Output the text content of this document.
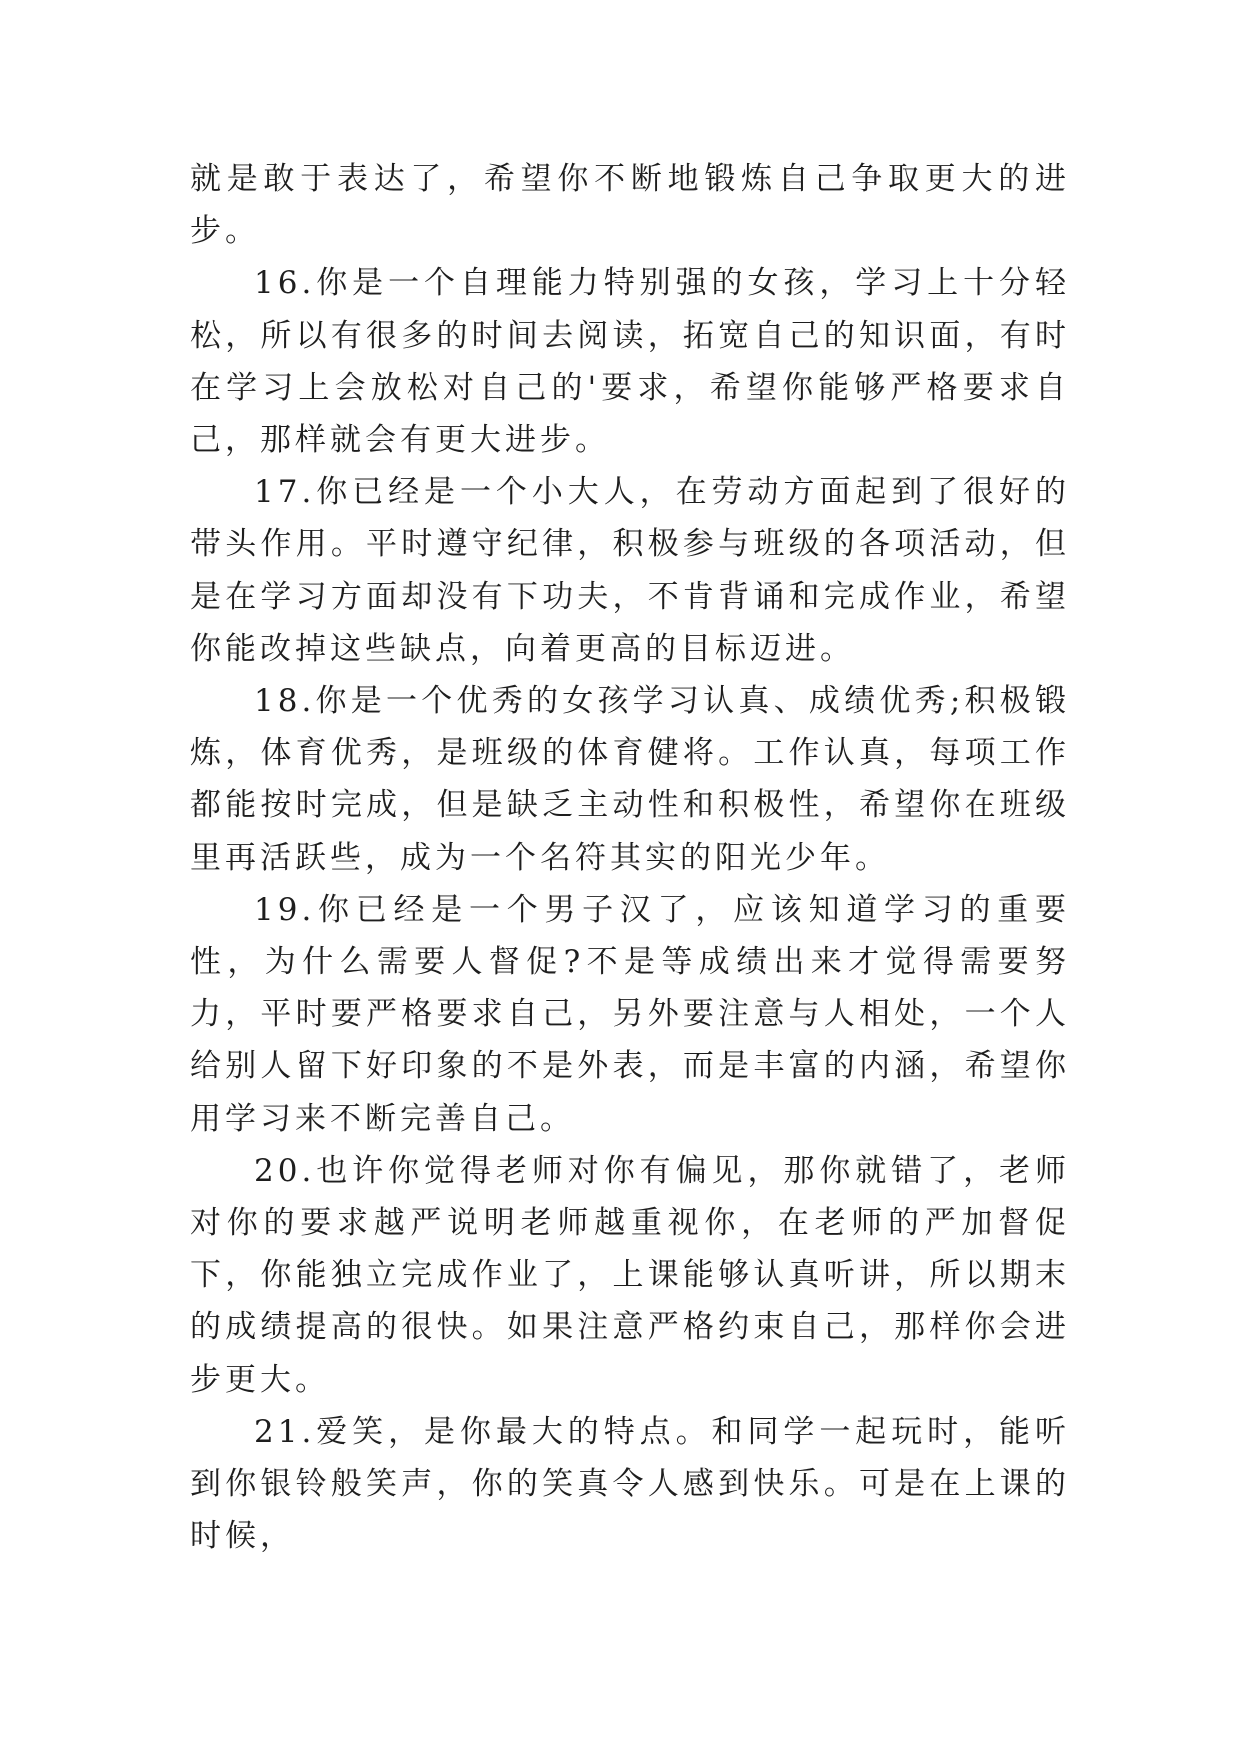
就是敢于表达了，希望你不断地锻炼自己争取更大的进步。

16.你是一个自理能力特别强的女孩，学习上十分轻松，所以有很多的时间去阅读，拓宽自己的知识面，有时在学习上会放松对自己的'要求，希望你能够严格要求自己，那样就会有更大进步。

17.你已经是一个小大人，在劳动方面起到了很好的带头作用。平时遵守纪律，积极参与班级的各项活动，但是在学习方面却没有下功夫，不肯背诵和完成作业，希望你能改掉这些缺点，向着更高的目标迈进。

18.你是一个优秀的女孩学习认真、成绩优秀;积极锻炼，体育优秀，是班级的体育健将。工作认真，每项工作都能按时完成，但是缺乏主动性和积极性，希望你在班级里再活跃些，成为一个名符其实的阳光少年。

19.你已经是一个男子汉了，应该知道学习的重要性，为什么需要人督促?不是等成绩出来才觉得需要努力，平时要严格要求自己，另外要注意与人相处，一个人给别人留下好印象的不是外表，而是丰富的内涵，希望你用学习来不断完善自己。

20.也许你觉得老师对你有偏见，那你就错了，老师对你的要求越严说明老师越重视你，在老师的严加督促下，你能独立完成作业了，上课能够认真听讲，所以期末的成绩提高的很快。如果注意严格约束自己，那样你会进步更大。

21.爱笑，是你最大的特点。和同学一起玩时，能听到你银铃般笑声，你的笑真令人感到快乐。可是在上课的时候，
